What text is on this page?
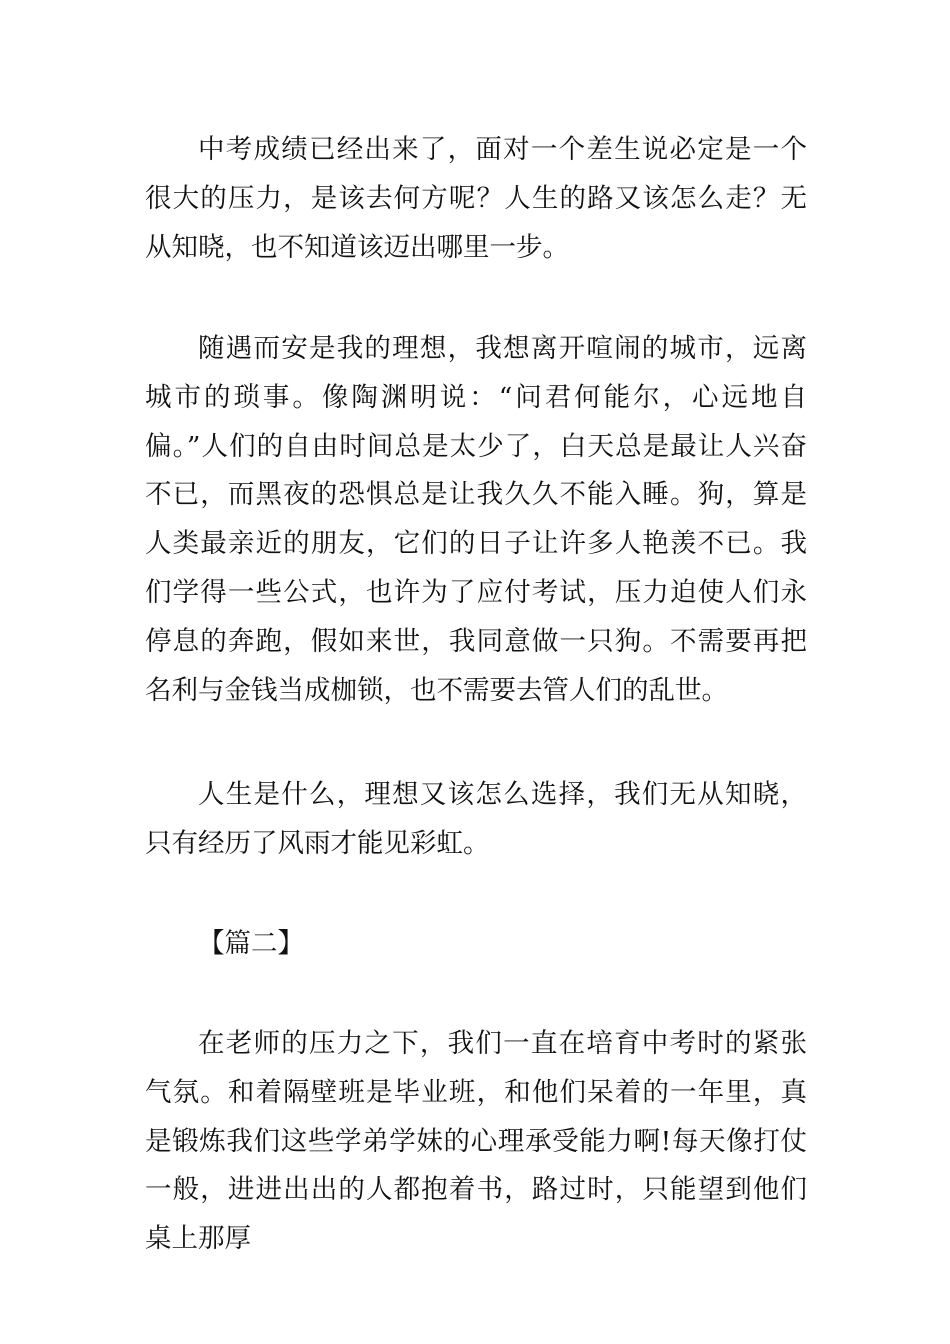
中考成绩已经出来了，面对一个差生说必定是一个很大的压力，是该去何方呢？人生的路又该怎么走？无从知晓，也不知道该迈出哪里一步。

随遇而安是我的理想，我想离开喧闹的城市，远离城市的琐事。像陶渊明说：“问君何能尔，心远地自偏。”人们的自由时间总是太少了，白天总是最让人兴奋不已，而黑夜的恐惧总是让我久久不能入睡。狗，算是人类最亲近的朋友，它们的日子让许多人艳羡不已。我们学得一些公式，也许为了应付考试，压力迫使人们永停息的奔跑，假如来世，我同意做一只狗。不需要再把名利与金钱当成枷锁，也不需要去管人们的乱世。

人生是什么，理想又该怎么选择，我们无从知晓，只有经历了风雨才能见彩虹。

【篇二】

在老师的压力之下，我们一直在培育中考时的紧张气氛。和着隔壁班是毕业班，和他们呆着的一年里，真是锻炼我们这些学弟学妹的心理承受能力啊!每天像打仗一般，进进出出的人都抱着书，路过时，只能望到他们桌上那厚
